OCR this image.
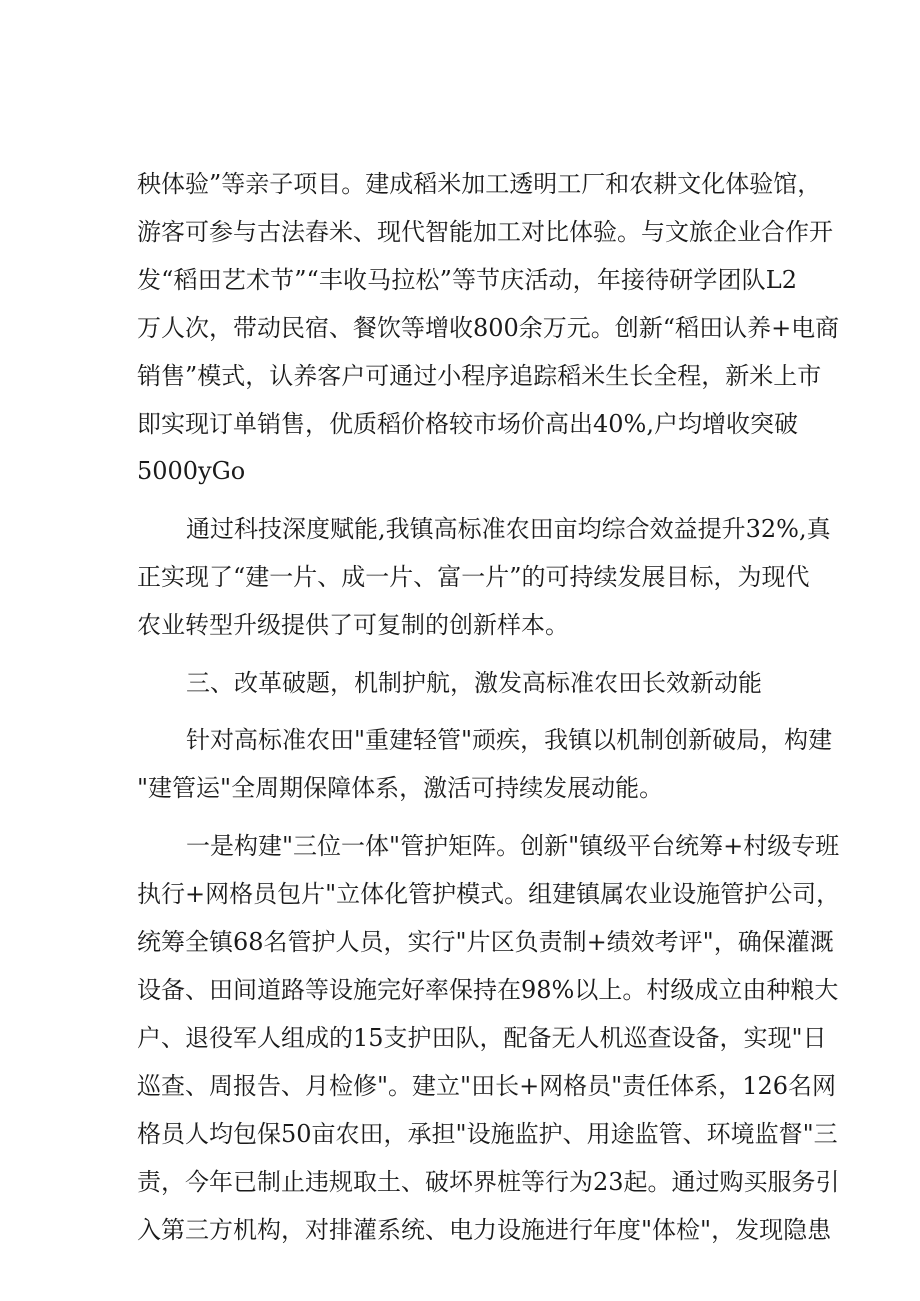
秧体验”等亲子项目。建成稻米加工透明工厂和农耕文化体验馆，
游客可参与古法舂米、现代智能加工对比体验。与文旅企业合作开
发“稻田艺术节”“丰收马拉松”等节庆活动，年接待研学团队L2
万人次，带动民宿、餐饮等增收800余万元。创新“稻田认养+电商
销售”模式，认养客户可通过小程序追踪稻米生长全程，新米上市
即实现订单销售，优质稻价格较市场价高出40%,户均增收突破
5000yGo
通过科技深度赋能,我镇高标准农田亩均综合效益提升32%,真
正实现了“建一片、成一片、富一片”的可持续发展目标，为现代
农业转型升级提供了可复制的创新样本。
三、改革破题，机制护航，激发高标准农田长效新动能
针对高标准农田"重建轻管"顽疾，我镇以机制创新破局，构建
"建管运"全周期保障体系，激活可持续发展动能。
一是构建"三位一体"管护矩阵。创新"镇级平台统筹+村级专班
执行+网格员包片"立体化管护模式。组建镇属农业设施管护公司，
统筹全镇68名管护人员，实行"片区负责制+绩效考评"，确保灌溉
设备、田间道路等设施完好率保持在98%以上。村级成立由种粮大
户、退役军人组成的15支护田队，配备无人机巡查设备，实现"日
巡查、周报告、月检修"。建立"田长+网格员"责任体系，126名网
格员人均包保50亩农田，承担"设施监护、用途监管、环境监督"三
责，今年已制止违规取土、破坏界桩等行为23起。通过购买服务引
入第三方机构，对排灌系统、电力设施进行年度"体检"，发现隐患
